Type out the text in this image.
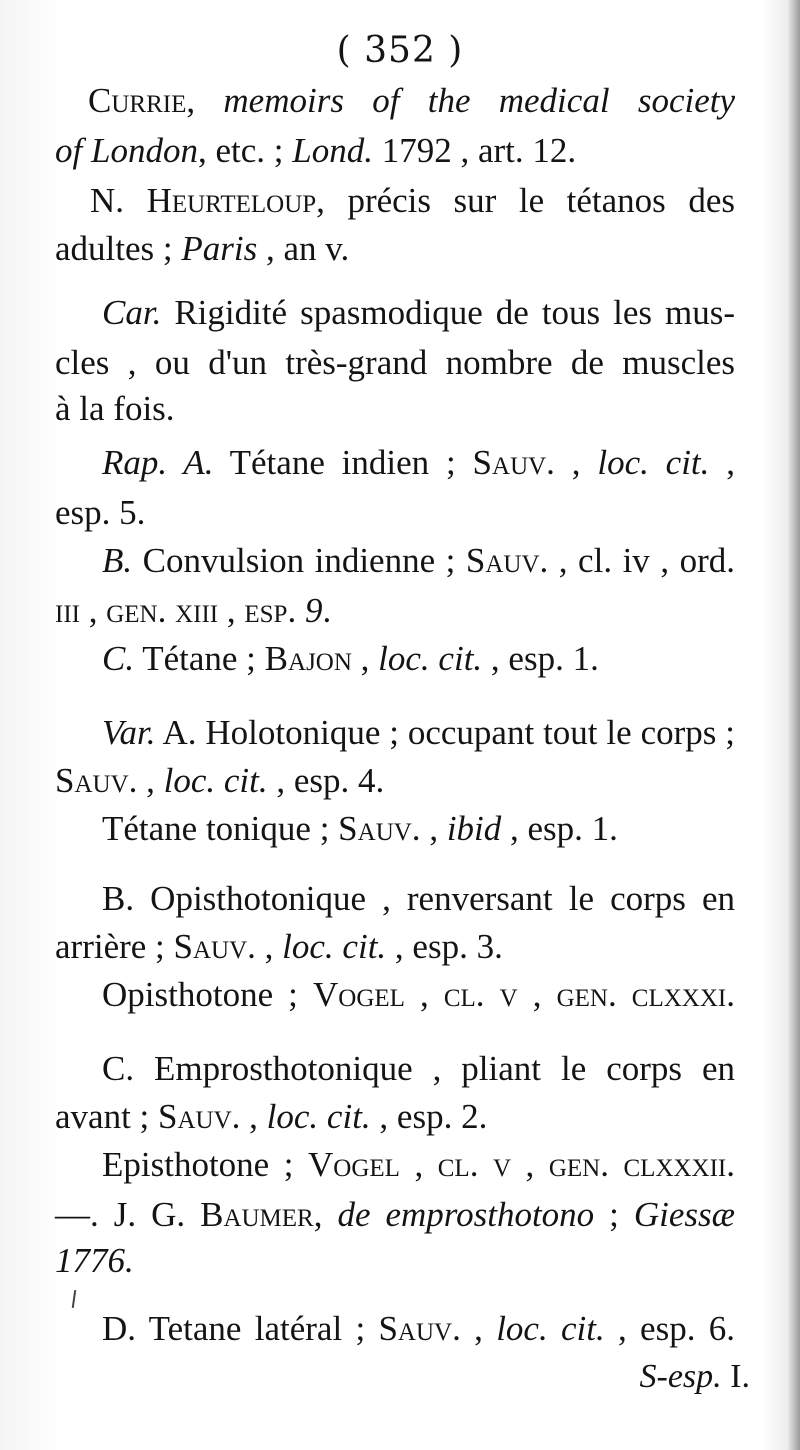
( 352 )
Currie, memoirs of the medical society
of London, etc. ; Lond. 1792 , art. 12.
N. Heurteloup, précis sur le tétanos des
adultes ; Paris , an v.
Car. Rigidité spasmodique de tous les mus-
cles , ou d'un très-grand nombre de muscles
à la fois.
Rap. A. Tétane indien ; Sauv. , loc. cit. ,
esp. 5.
B. Convulsion indienne ; Sauv. , cl. iv , ord.
iii , gen. xiii , esp. 9.
C. Tétane ; Bajon , loc. cit. , esp. 1.
Var. A. Holotonique ; occupant tout le corps ;
Sauv. , loc. cit. , esp. 4.
Tétane tonique ; Sauv. , ibid , esp. 1.
B. Opisthotonique , renversant le corps en
arrière ; Sauv. , loc. cit. , esp. 3.
Opisthotone ; Vogel , cl. v , gen. clxxxi.
C. Emprosthotonique , pliant le corps en
avant ; Sauv. , loc. cit. , esp. 2.
Episthotone ; Vogel , cl. v , gen. clxxxii.
—. J. G. Baumer, de emprosthotono ; Giessæ
1776.
D. Tetane latéral ; Sauv. , loc. cit. , esp. 6.
S-esp. I.
